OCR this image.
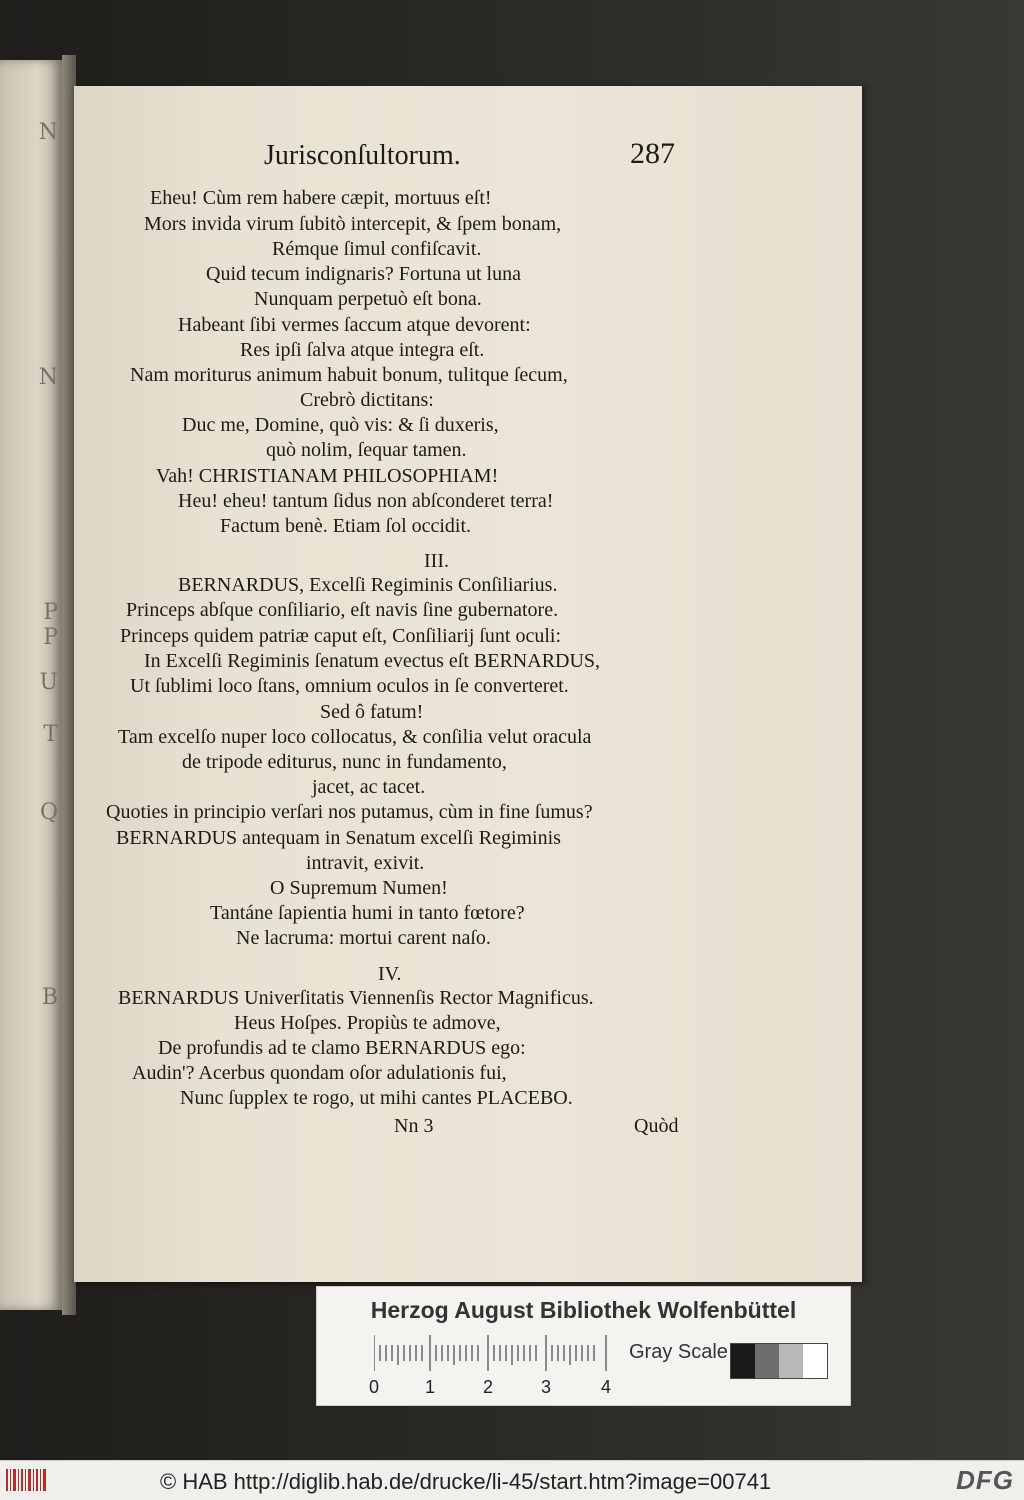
N
N
P
P
U
T
Q
B
Jurisconſultorum.	287
Eheu! Cùm rem habere cæpit, mortuus eſt!
Mors invida virum ſubitò intercepit, & ſpem bonam,
Rémque ſimul confiſcavit.
Quid tecum indignaris? Fortuna ut luna
Nunquam perpetuò eſt bona.
Habeant ſibi vermes ſaccum atque devorent:
Res ipſi ſalva atque integra eſt.
Nam moriturus animum habuit bonum, tulitque ſecum,
Crebrò dictitans:
Duc me, Domine, quò vis: & ſi duxeris,
quò nolim, ſequar tamen.
Vah! CHRISTIANAM PHILOSOPHIAM!
Heu! eheu! tantum ſidus non abſconderet terra!
Factum benè. Etiam ſol occidit.
III.
BERNARDUS, Excelſi Regiminis Conſiliarius.
Princeps abſque conſiliario, eſt navis ſine gubernatore.
Princeps quidem patriæ caput eſt, Conſiliarij ſunt oculi:
In Excelſi Regiminis ſenatum evectus eſt BERNARDUS,
Ut ſublimi loco ſtans, omnium oculos in ſe converteret.
Sed ô fatum!
Tam excelſo nuper loco collocatus, & conſilia velut oracula
de tripode editurus, nunc in fundamento,
jacet, ac tacet.
Quoties in principio verſari nos putamus, cùm in fine ſumus?
BERNARDUS antequam in Senatum excelſi Regiminis
intravit, exivit.
O Supremum Numen!
Tantáne ſapientia humi in tanto fœtore?
Ne lacruma: mortui carent naſo.
IV.
BERNARDUS Univerſitatis Viennenſis Rector Magnificus.
Heus Hoſpes. Propiùs te admove,
De profundis ad te clamo BERNARDUS ego:
Audin'? Acerbus quondam oſor adulationis fui,
Nunc ſupplex te rogo, ut mihi cantes PLACEBO.
Nn 3	Quòd
Herzog August Bibliothek Wolfenbüttel
0	1	2	3	4
Gray Scale
© HAB http://diglib.hab.de/drucke/li-45/start.htm?image=00741	DFG
